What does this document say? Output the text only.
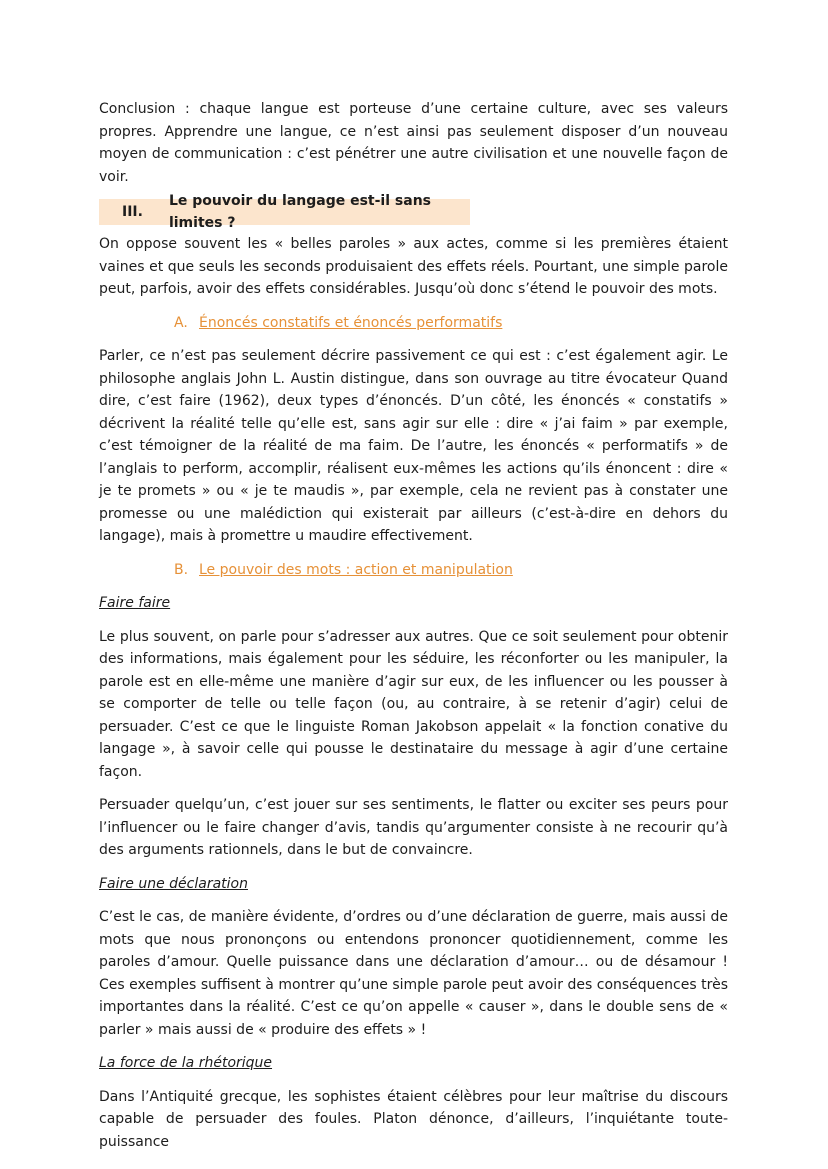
Conclusion : chaque langue est porteuse d’une certaine culture, avec ses valeurs propres. Apprendre une langue, ce n’est ainsi pas seulement disposer d’un nouveau moyen de communication : c’est pénétrer une autre civilisation et une nouvelle façon de voir.

III.
Le pouvoir du langage est-il sans limites ?

On oppose souvent les « belles paroles » aux actes, comme si les premières étaient vaines et que seuls les seconds produisaient des effets réels. Pourtant, une simple parole peut, parfois, avoir des effets considérables. Jusqu’où donc s’étend le pouvoir des mots.

A. Énoncés constatifs et énoncés performatifs

Parler, ce n’est pas seulement décrire passivement ce qui est : c’est également agir. Le philosophe anglais John L. Austin distingue, dans son ouvrage au titre évocateur Quand dire, c’est faire (1962), deux types d’énoncés. D’un côté, les énoncés « constatifs » décrivent la réalité telle qu’elle est, sans agir sur elle : dire « j’ai faim » par exemple, c’est témoigner de la réalité de ma faim. De l’autre, les énoncés « performatifs » de l’anglais to perform, accomplir, réalisent eux-mêmes les actions qu’ils énoncent : dire « je te promets » ou « je te maudis », par exemple, cela ne revient pas à constater une promesse ou une malédiction qui existerait par ailleurs (c’est-à-dire en dehors du langage), mais à promettre u maudire effectivement.

B. Le pouvoir des mots : action et manipulation
Faire faire

Le plus souvent, on parle pour s’adresser aux autres. Que ce soit seulement pour obtenir des informations, mais également pour les séduire, les réconforter ou les manipuler, la parole est en elle-même une manière d’agir sur eux, de les influencer ou les pousser à se comporter de telle ou telle façon (ou, au contraire, à se retenir d’agir) celui de persuader. C’est ce que le linguiste Roman Jakobson appelait « la fonction conative du langage », à savoir celle qui pousse le destinataire du message à agir d’une certaine façon.

Persuader quelqu’un, c’est jouer sur ses sentiments, le flatter ou exciter ses peurs pour l’influencer ou le faire changer d’avis, tandis qu’argumenter consiste à ne recourir qu’à des arguments rationnels, dans le but de convaincre.

Faire une déclaration

C’est le cas, de manière évidente, d’ordres ou d’une déclaration de guerre, mais aussi de mots que nous prononçons ou entendons prononcer quotidiennement, comme les paroles d’amour. Quelle puissance dans une déclaration d’amour… ou de désamour ! Ces exemples suffisent à montrer qu’une simple parole peut avoir des conséquences très importantes dans la réalité. C’est ce qu’on appelle « causer », dans le double sens de « parler » mais aussi de « produire des effets » !

La force de la rhétorique

Dans l’Antiquité grecque, les sophistes étaient célèbres pour leur maîtrise du discours capable de persuader des foules. Platon dénonce, d’ailleurs, l’inquiétante toute-puissance
